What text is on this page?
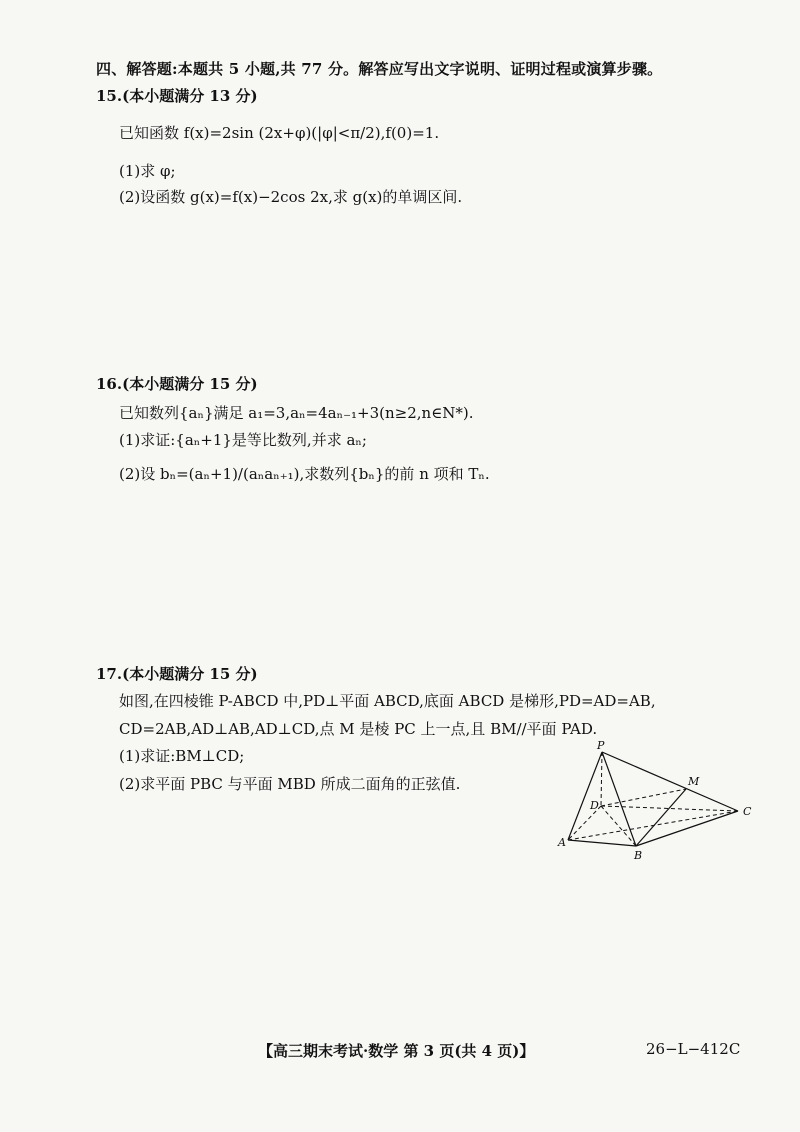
四、解答题:本题共 5 小题,共 77 分。解答应写出文字说明、证明过程或演算步骤。
15.(本小题满分 13 分)
已知函数 f(x)=2sin (2x+φ)(|φ|<π/2),f(0)=1.
(1)求 φ;
(2)设函数 g(x)=f(x)−2cos 2x,求 g(x)的单调区间.
16.(本小题满分 15 分)
已知数列{aₙ}满足 a₁=3,aₙ=4aₙ₋₁+3(n≥2,n∈N*).
(1)求证:{aₙ+1}是等比数列,并求 aₙ;
(2)设 bₙ=(aₙ+1)/(aₙaₙ₊₁),求数列{bₙ}的前 n 项和 Tₙ.
17.(本小题满分 15 分)
如图,在四棱锥 P-ABCD 中,PD⊥平面 ABCD,底面 ABCD 是梯形,PD=AD=AB,
CD=2AB,AD⊥AB,AD⊥CD,点 M 是棱 PC 上一点,且 BM//平面 PAD.
(1)求证:BM⊥CD;
(2)求平面 PBC 与平面 MBD 所成二面角的正弦值.
P
M
D	C
A
B
【高三期末考试·数学 第 3 页(共 4 页)】	26−L−412C
